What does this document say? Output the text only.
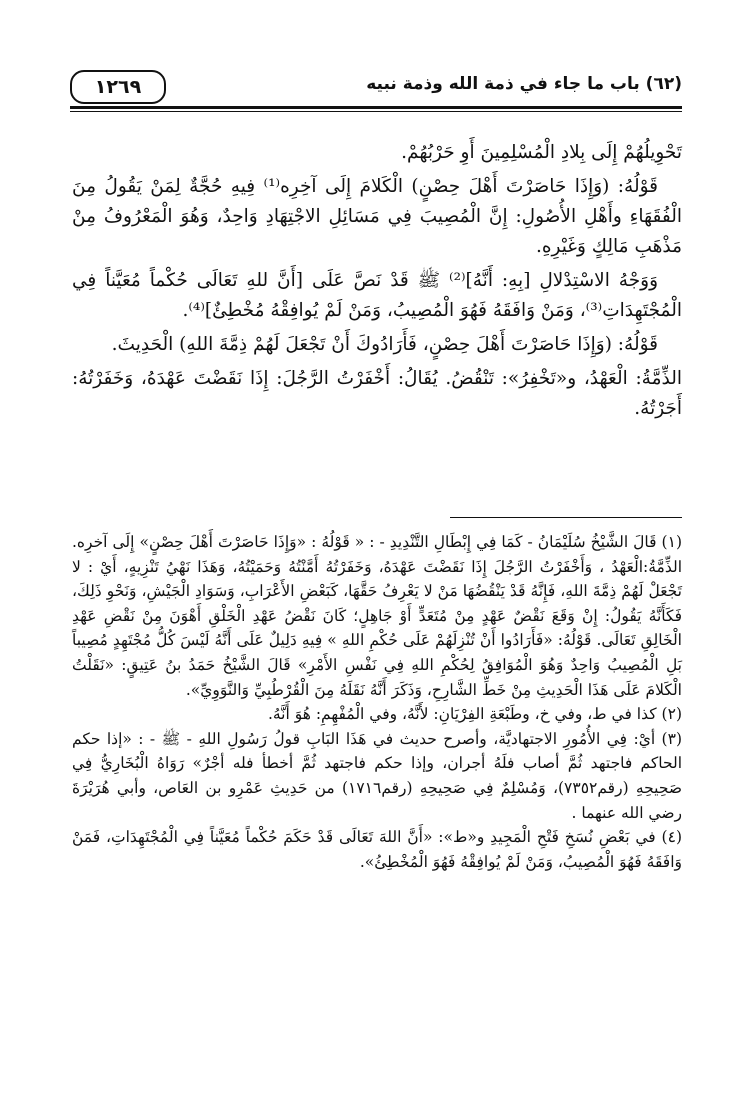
(٦٢) باب ما جاء في ذمة الله وذمة نبيه
١٢٦٩

تَحْوِيلُهُمْ إِلَى بِلادِ الْمُسْلِمِينَ أَوِ حَرْبُهُمْ.

قَوْلُهُ: (وَإِذَا حَاصَرْتَ أَهْلَ حِصْنٍ) الْكَلامَ إِلَى آخِرِه⁽¹⁾ فِيهِ حُجَّةٌ لِمَنْ يَقُولُ مِنَ الْفُقَهَاءِ وأَهْلِ الأُصُولِ: إِنَّ الْمُصِيبَ فِي مَسَائِلِ الاجْتِهَادِ وَاحِدٌ، وَهُوَ الْمَعْرُوفُ مِنْ مَذْهَبِ مَالِكٍ وَغَيْرِهِ.

وَوَجْهُ الاسْتِدْلالِ [بِهِ: أَنَّهُ]⁽²⁾ ﷺ قَدْ نَصَّ عَلَى [أَنَّ للهِ تَعَالَى حُكْماً مُعَيَّناً فِي الْمُجْتَهِدَاتِ⁽³⁾، وَمَنْ وَافَقَهُ فَهُوَ الْمُصِيبُ، وَمَنْ لَمْ يُوافِقْهُ مُخْطِئٌ]⁽⁴⁾.

قَوْلُهُ: (وَإِذَا حَاصَرْتَ أَهْلَ حِصْنٍ، فَأَرَادُوكَ أَنْ تَجْعَلَ لَهُمْ ذِمَّةَ اللهِ) الْحَدِيثَ.

الذِّمَّةُ: الْعَهْدُ، و«تَخْفِرُ»: تَنْقُضُ. يُقَالُ: أَخْفَرْتُ الرَّجُلَ: إِذَا نَقَضْتَ عَهْدَهُ، وَخَفَرْتُهُ: أَجَرْتُهُ.

(١) قَالَ الشَّيْخُ سُلَيْمَانُ - كَمَا فِي إِبْطَالِ التَّنْدِيدِ - : « قَوْلُهُ : «وَإِذَا حَاصَرْتَ أَهْلَ حِصْنٍ» إِلَى آخرِه. الذِّمَّةُ:الْعَهْدُ ، وَأَخْفَرْتُ الرَّجُلَ إِذَا نَقَضْتَ عَهْدَهُ، وَخَفَرْتُهُ أَمَّنْتُهُ وَحَمَيْتُهُ، وَهَذَا نَهْيُ تَنْزِيهٍ، أَيْ : لا تَجْعَلْ لَهُمْ ذِمَّةَ اللهِ، فَإِنَّهُ قَدْ يَنْقُضُهَا مَنْ لا يَعْرِفُ حَقَّهَا، كَبَعْضِ الأَعْرَابِ، وَسَوَادِ الْجَيْشِ، وَنَحْوِ ذَلِكَ، فَكَأَنَّهُ يَقُولُ: إِنْ وَقَعَ نَقْضٌ عَهْدٍ مِنْ مُتَعَدٍّ أَوْ جَاهِلٍ؛ كَانَ نَقْضُ عَهْدِ الْخَلْقِ أَهْوَنَ مِنْ نَقْضِ عَهْدِ الْخَالِقِ تَعَالَى. قَوْلُهُ: «فَأَرَادُوا أَنْ تُنْزِلَهُمْ عَلَى حُكْمِ اللهِ » فِيهِ دَلِيلٌ عَلَى أَنَّهُ لَيْسَ كُلُّ مُجْتَهِدٍ مُصِيباً بَلِ الْمُصِيبُ وَاحِدٌ وَهُوَ الْمُوَافِقُ لِحُكْمِ اللهِ فِي نَفْسِ الأَمْرِ» قَالَ الشَّيْخُ حَمَدُ بنُ عَتِيقٍ: «نَقَلْتُ الْكَلامَ عَلَى هَذَا الْحَدِيثِ مِنْ خَطِّ الشَّارِحِ، وَذَكَرَ أَنَّهُ نَقَلَهُ مِنَ الْقُرْطُبِيِّ وَالنَّوَوِيِّ».

(٢) كذا في ط، وفي خ، وطَبْعَةِ الفِرْيَانِ: لأَنَّهُ، وفي الْمُفْهِمِ: هُوَ أَنَّهُ.

(٣) أيْ: فِي الأُمُورِ الاجتهاديَّة، وأصرح حديث في هَذَا البَابِ قولُ رَسُولِ اللهِ - ﷺ - : «إذا حكم الحاكم فاجتهد ثُمَّ أصاب فلَهُ أجران، وإذا حكم فاجتهد ثُمَّ أخطأ فله أجْرٌ» رَوَاهُ الْبُخَارِيُّ فِي صَحِيحِهِ (رقم٧٣٥٢)، وَمُسْلِمٌ فِي صَحِيحِهِ (رقم١٧١٦) من حَدِيثِ عَمْرِو بن العَاص، وأبي هُرَيْرَةَ رضي الله عنهما .

(٤) في بَعْضِ نُسَخِ فَتْحِ الْمَجِيدِ و«ط»: «أَنَّ اللهَ تَعَالَى قَدْ حَكَمَ حُكْماً مُعَيَّناً فِي الْمُجْتَهِدَاتِ، فَمَنْ وَافَقَهُ فَهُوَ الْمُصِيبُ، وَمَنْ لَمْ يُوافِقْهُ فَهُوَ الْمُخْطِئُ».
